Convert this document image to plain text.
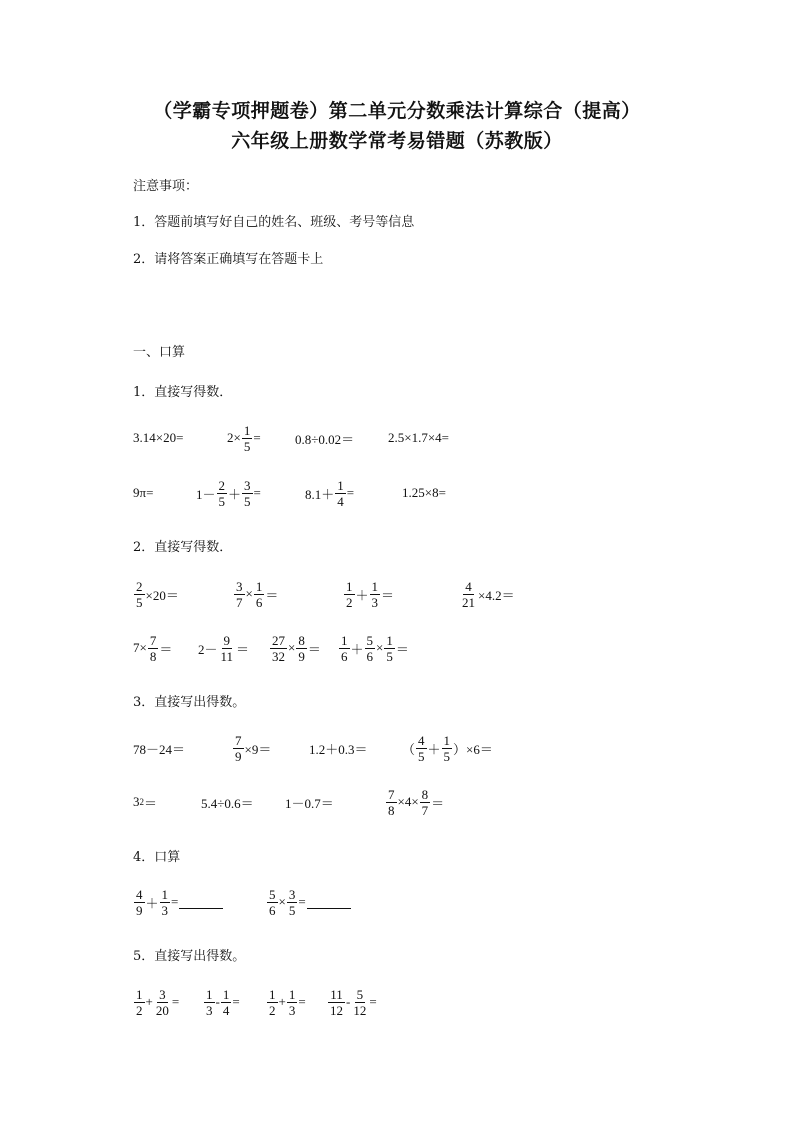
（学霸专项押题卷）第二单元分数乘法计算综合（提高）
六年级上册数学常考易错题（苏教版）
注意事项：
1．答题前填写好自己的姓名、班级、考号等信息
2．请将答案正确填写在答题卡上
一、口算
1．直接写得数．
3.14×20=	$2\times \frac{1}{5}$ =	0.8÷0.02＝	2.5×1.7×4=
9π=	$1- \frac{2}{5} + \frac{3}{5}$ =	$8.1+ \frac{1}{4}$ =	1.25×8=
2．直接写得数．
$\frac{2}{5} \times 20=$	$\frac{3}{7} \times \frac{1}{6}$ ＝	$\frac{1}{2} + \frac{1}{3}$ ＝	$\frac{4}{21} \times 4.2=$
$7\times \frac{7}{8} = 2- \frac{9}{11} = \frac{27}{32} \times \frac{8}{9} = \frac{1}{6} + \frac{5}{6} \times \frac{1}{5}$ ＝
3．直接写出得数。
78－24＝	$\frac{7}{9} \times 9=$	1.2＋0.3＝	（ $\frac{4}{5} + \frac{1}{5} )\times 6=$
3 2 ＝	5.4÷0.6＝ 1－0.7＝	$\frac{7}{8} \times 4\times \frac{8}{7}$ ＝
4．口算
$\frac{4}{9} + \frac{1}{3}$ =	$\frac{5}{6} \times \frac{3}{5}$ =
5．直接写出得数。
$\frac{1}{2} + \frac{3}{20} = \frac{1}{3} - \frac{1}{4} = \frac{1}{2} + \frac{1}{3} = \frac{11}{12} - \frac{5}{12}$ =
